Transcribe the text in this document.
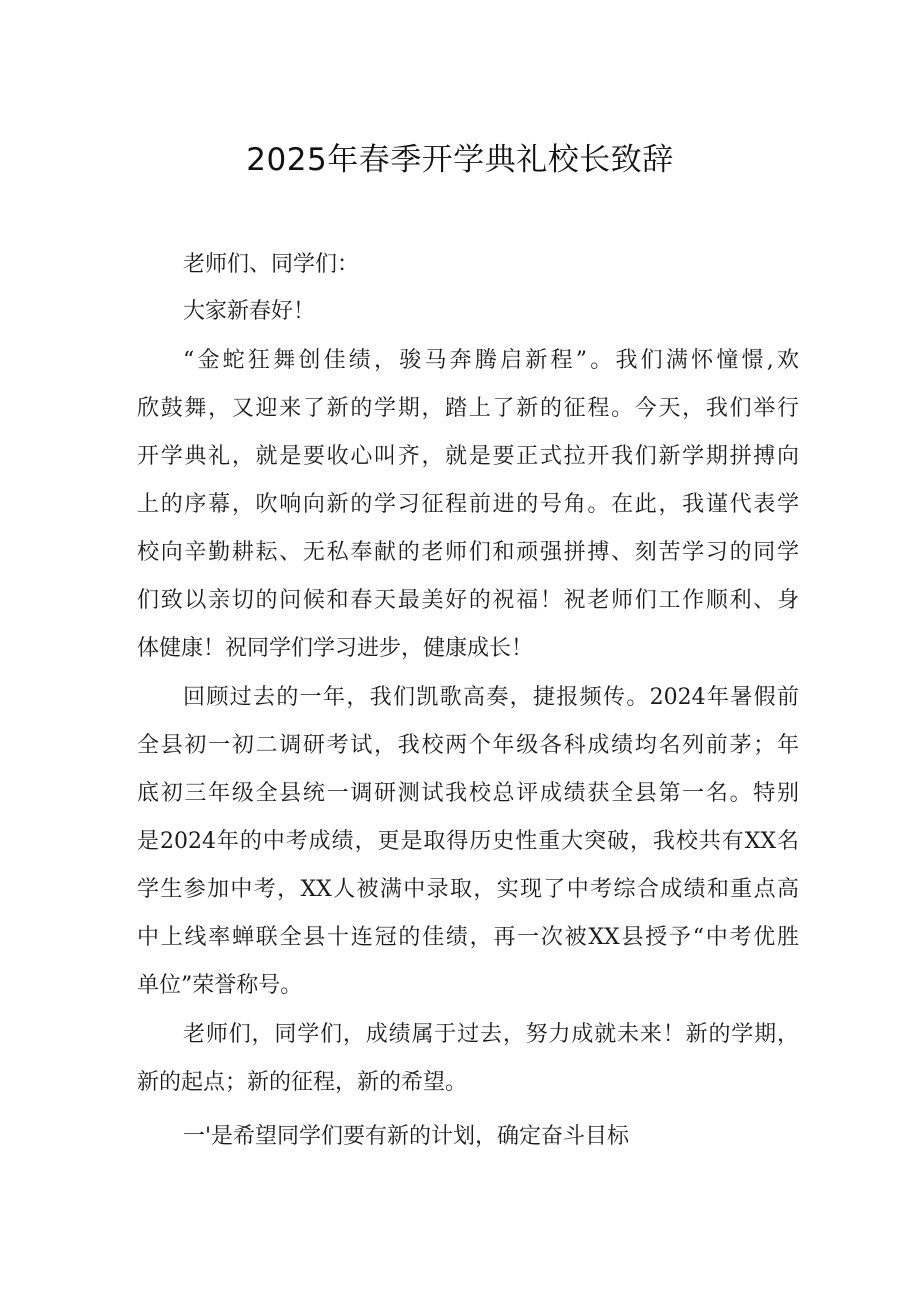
2025年春季开学典礼校长致辞
老师们、同学们：
大家新春好！
“金蛇狂舞创佳绩，骏马奔腾启新程”。我们满怀憧憬,欢
欣鼓舞，又迎来了新的学期，踏上了新的征程。今天，我们举行
开学典礼，就是要收心叫齐，就是要正式拉开我们新学期拼搏向
上的序幕，吹响向新的学习征程前进的号角。在此，我谨代表学
校向辛勤耕耘、无私奉献的老师们和顽强拼搏、刻苦学习的同学
们致以亲切的问候和春天最美好的祝福！祝老师们工作顺利、身
体健康！祝同学们学习进步，健康成长！
回顾过去的一年，我们凯歌高奏，捷报频传。2024年暑假前
全县初一初二调研考试，我校两个年级各科成绩均名列前茅；年
底初三年级全县统一调研测试我校总评成绩获全县第一名。特别
是2024年的中考成绩，更是取得历史性重大突破，我校共有XX名
学生参加中考，XX人被满中录取，实现了中考综合成绩和重点高
中上线率蝉联全县十连冠的佳绩，再一次被XX县授予“中考优胜
单位”荣誉称号。
老师们，同学们，成绩属于过去，努力成就未来！新的学期，
新的起点；新的征程，新的希望。
一'是希望同学们要有新的计划，确定奋斗目标
